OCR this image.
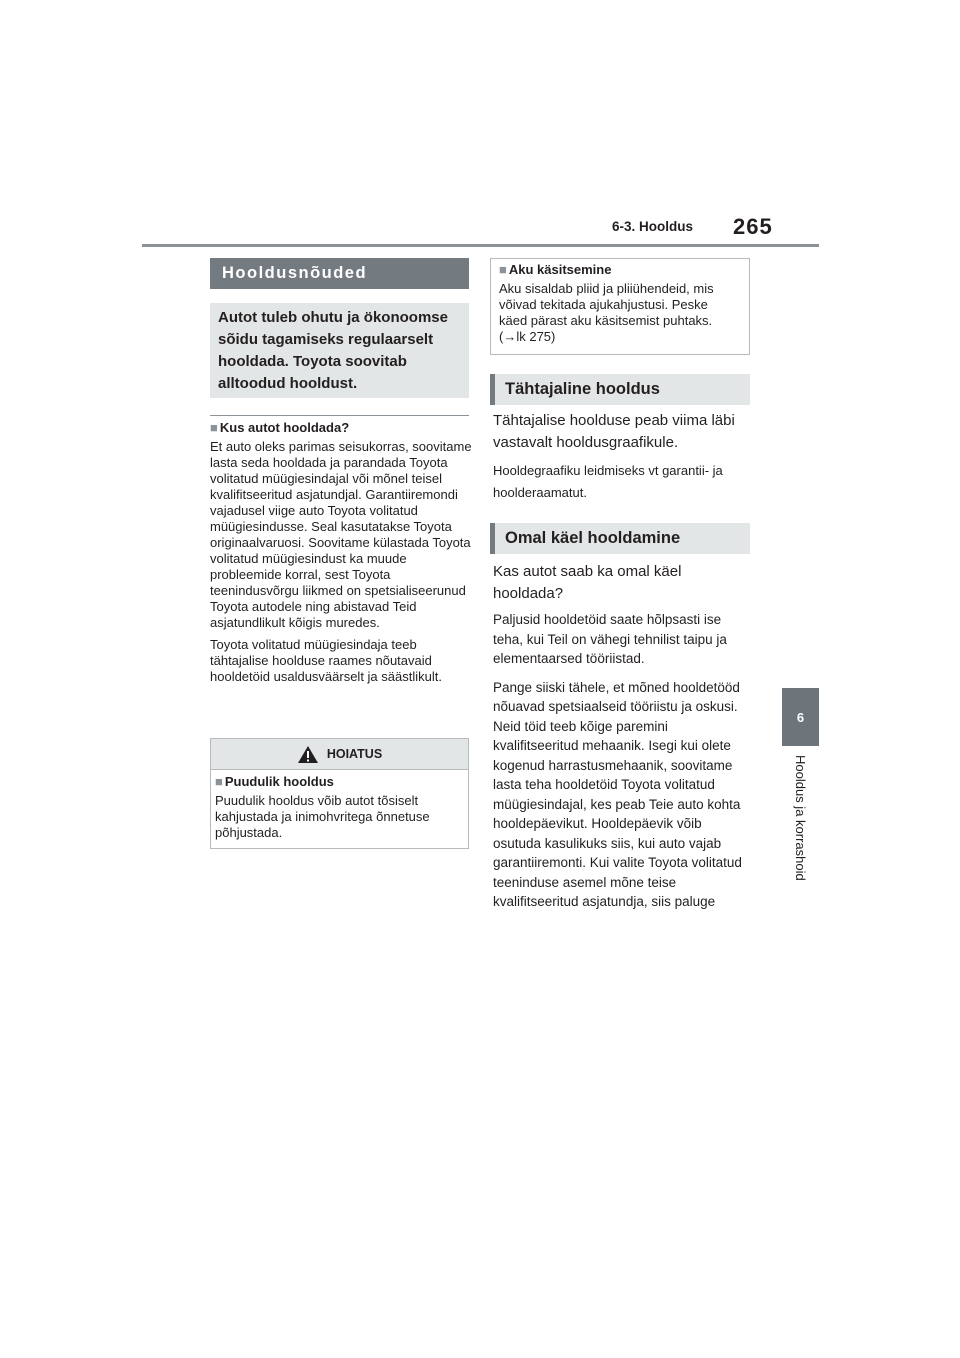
6-3. Hooldus 265
6
Hooldus ja korrashoid
Hooldusnõuded
Autot tuleb ohutu ja ökonoomse sõidu tagamiseks regulaarselt hooldada. Toyota soovitab alltoodud hooldust.
■ Kus autot hooldada?

Et auto oleks parimas seisukorras, soovitame lasta seda hooldada ja parandada Toyota volitatud müügiesindajal või mõnel teisel kvalifitseeritud asjatundjal. Garantiiremondi vajadusel viige auto Toyota volitatud müügiesindusse. Seal kasutatakse Toyota originaalvaruosi. Soovitame külastada Toyota volitatud müügiesindust ka muude probleemide korral, sest Toyota teenindusvõrgu liikmed on spetsialiseerunud Toyota autodele ning abistavad Teid asjatundlikult kõigis muredes.

Toyota volitatud müügiesindaja teeb tähtajalise hoolduse raames nõutavaid hooldetöid usaldusväärselt ja säästlikult.

HOIATUS
■ Puudulik hooldus

Puudulik hooldus võib autot tõsiselt kahjustada ja inimohvritega õnnetuse põhjustada.

■ Aku käsitsemine

Aku sisaldab pliid ja pliiühendeid, mis võivad tekitada ajukahjustusi. Peske käed pärast aku käsitsemist puhtaks.
(→lk 275)

Tähtajaline hooldus
Tähtajalise hoolduse peab viima läbi vastavalt hooldusgraafikule.

Hooldegraafiku leidmiseks vt garantii- ja hoolderaamatut.

Omal käel hooldamine
Kas autot saab ka omal käel hooldada?

Paljusid hooldetöid saate hõlpsasti ise teha, kui Teil on vähegi tehnilist taipu ja elementaarsed tööriistad.

Pange siiski tähele, et mõned hooldetööd nõuavad spetsiaalseid tööriistu ja oskusi. Neid töid teeb kõige paremini kvalifitseeritud mehaanik. Isegi kui olete kogenud harrastusmehaanik, soovitame lasta teha hooldetöid Toyota volitatud müügiesindajal, kes peab Teie auto kohta hooldepäevikut. Hooldepäevik võib osutuda kasulikuks siis, kui auto vajab garantiiremonti. Kui valite Toyota volitatud teeninduse asemel mõne teise kvalifitseeritud asjatundja, siis paluge
